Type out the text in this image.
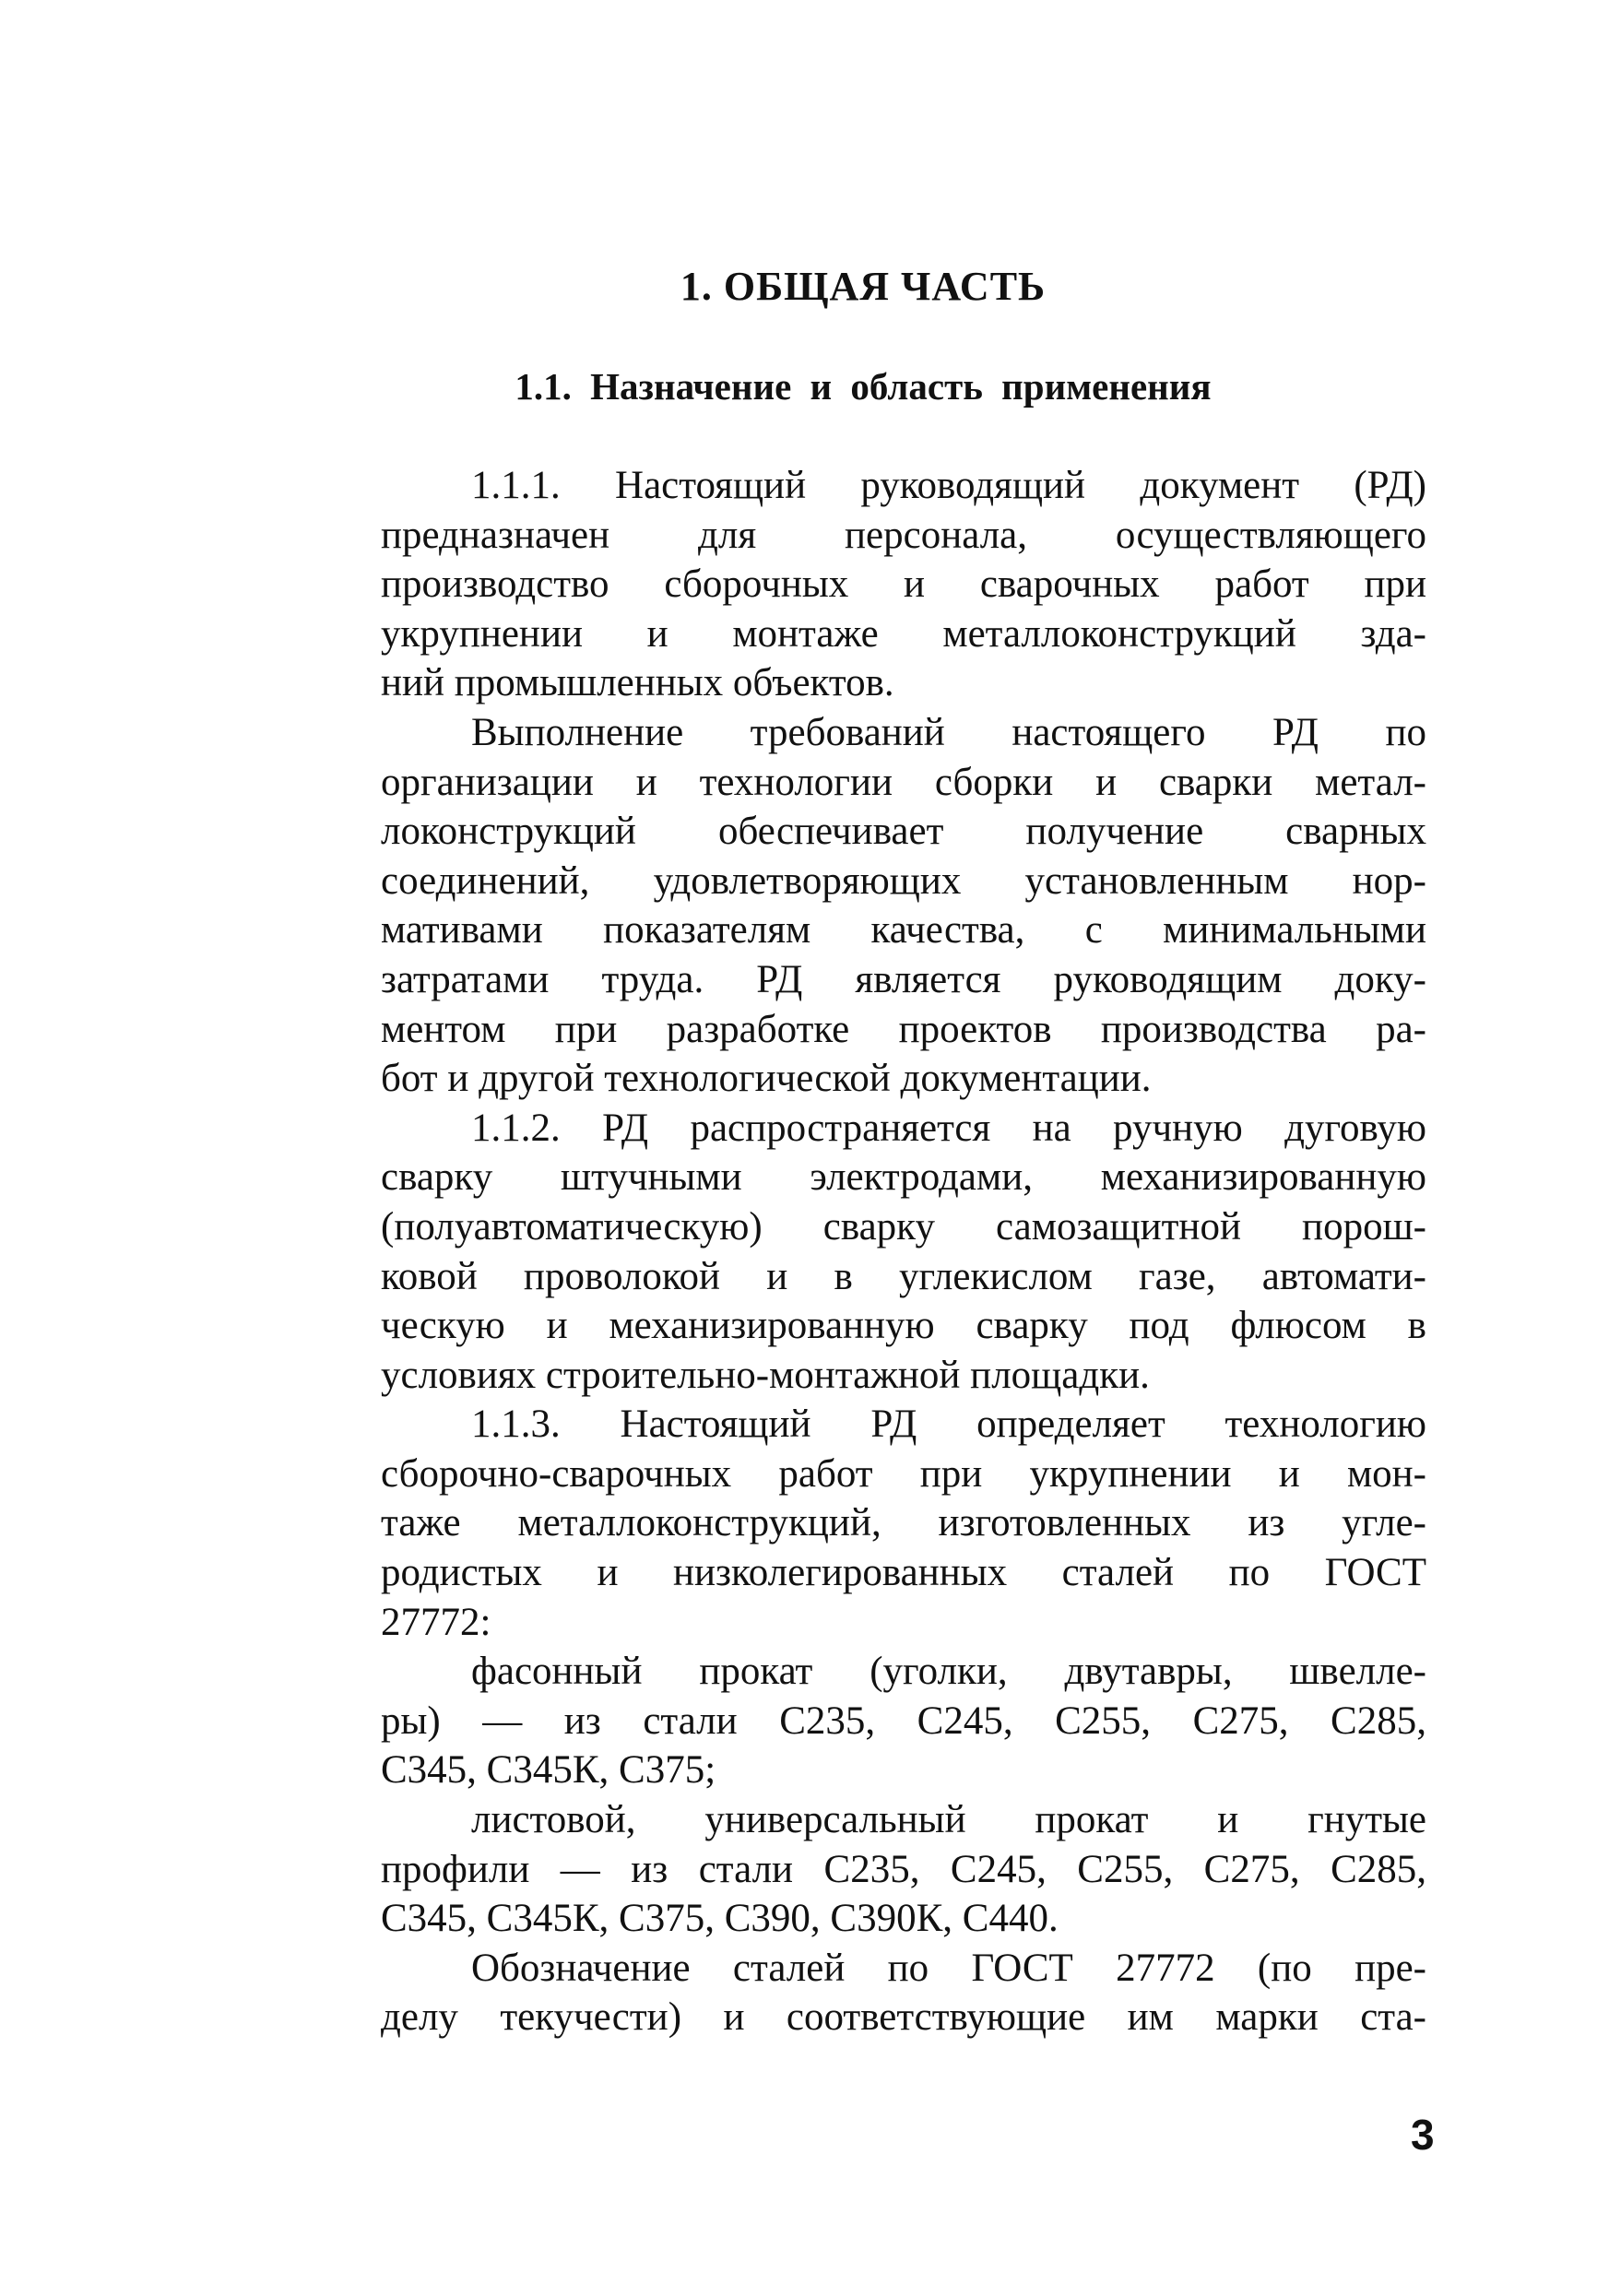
1. ОБЩАЯ ЧАСТЬ
1.1. Назначение и область применения
1.1.1. Настоящий руководящий документ (РД)
предназначен для персонала, осуществляющего
производство сборочных и сварочных работ при
укрупнении и монтаже металлоконструкций зда-
ний промышленных объектов.
Выполнение требований настоящего РД по
организации и технологии сборки и сварки метал-
локонструкций обеспечивает получение сварных
соединений, удовлетворяющих установленным нор-
мативами показателям качества, с минимальными
затратами труда. РД является руководящим доку-
ментом при разработке проектов производства ра-
бот и другой технологической документации.
1.1.2. РД распространяется на ручную дуговую
сварку штучными электродами, механизированную
(полуавтоматическую) сварку самозащитной порош-
ковой проволокой и в углекислом газе, автомати-
ческую и механизированную сварку под флюсом в
условиях строительно-монтажной площадки.
1.1.3. Настоящий РД определяет технологию
сборочно-сварочных работ при укрупнении и мон-
таже металлоконструкций, изготовленных из угле-
родистых и низколегированных сталей по ГОСТ
27772:
фасонный прокат (уголки, двутавры, швелле-
ры) — из стали С235, С245, С255, С275, С285,
С345, С345К, С375;
листовой, универсальный прокат и гнутые
профили — из стали С235, С245, С255, С275, С285,
С345, С345К, С375, С390, С390К, С440.
Обозначение сталей по ГОСТ 27772 (по пре-
делу текучести) и соответствующие им марки ста-
3
